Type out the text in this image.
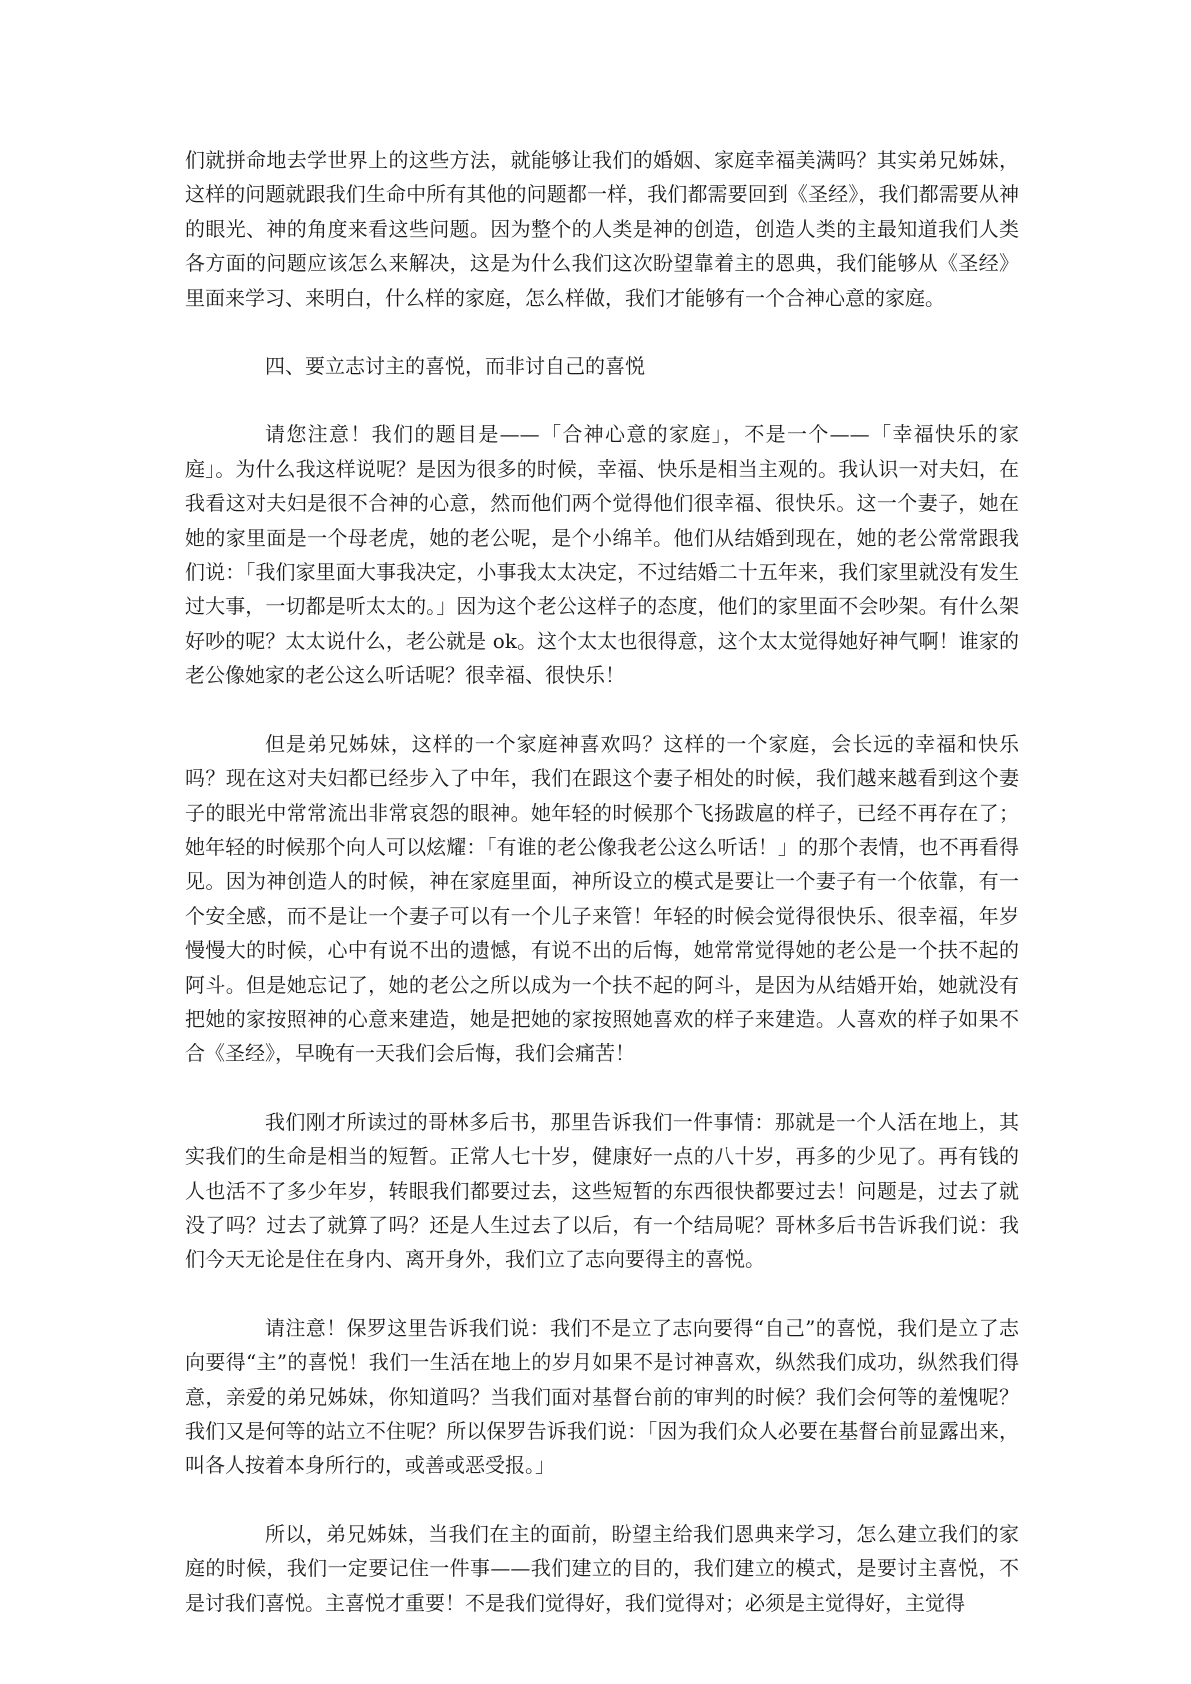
们就拼命地去学世界上的这些方法，就能够让我们的婚姻、家庭幸福美满吗？其实弟兄姊妹，这样的问题就跟我们生命中所有其他的问题都一样，我们都需要回到《圣经》，我们都需要从神的眼光、神的角度来看这些问题。因为整个的人类是神的创造，创造人类的主最知道我们人类各方面的问题应该怎么来解决，这是为什么我们这次盼望靠着主的恩典，我们能够从《圣经》里面来学习、来明白，什么样的家庭，怎么样做，我们才能够有一个合神心意的家庭。

四、要立志讨主的喜悦，而非讨自己的喜悦

请您注意！我们的题目是——「合神心意的家庭」，不是一个——「幸福快乐的家庭」。为什么我这样说呢？是因为很多的时候，幸福、快乐是相当主观的。我认识一对夫妇，在我看这对夫妇是很不合神的心意，然而他们两个觉得他们很幸福、很快乐。这一个妻子，她在她的家里面是一个母老虎，她的老公呢，是个小绵羊。他们从结婚到现在，她的老公常常跟我们说：「我们家里面大事我决定，小事我太太决定，不过结婚二十五年来，我们家里就没有发生过大事，一切都是听太太的。」因为这个老公这样子的态度，他们的家里面不会吵架。有什么架好吵的呢？太太说什么，老公就是 ok。这个太太也很得意，这个太太觉得她好神气啊！谁家的老公像她家的老公这么听话呢？很幸福、很快乐！

但是弟兄姊妹，这样的一个家庭神喜欢吗？这样的一个家庭，会长远的幸福和快乐吗？现在这对夫妇都已经步入了中年，我们在跟这个妻子相处的时候，我们越来越看到这个妻子的眼光中常常流出非常哀怨的眼神。她年轻的时候那个飞扬跋扈的样子，已经不再存在了；她年轻的时候那个向人可以炫耀：「有谁的老公像我老公这么听话！」的那个表情，也不再看得见。因为神创造人的时候，神在家庭里面，神所设立的模式是要让一个妻子有一个依靠，有一个安全感，而不是让一个妻子可以有一个儿子来管！年轻的时候会觉得很快乐、很幸福，年岁慢慢大的时候，心中有说不出的遗憾，有说不出的后悔，她常常觉得她的老公是一个扶不起的阿斗。但是她忘记了，她的老公之所以成为一个扶不起的阿斗，是因为从结婚开始，她就没有把她的家按照神的心意来建造，她是把她的家按照她喜欢的样子来建造。人喜欢的样子如果不合《圣经》，早晚有一天我们会后悔，我们会痛苦！

我们刚才所读过的哥林多后书，那里告诉我们一件事情：那就是一个人活在地上，其实我们的生命是相当的短暂。正常人七十岁，健康好一点的八十岁，再多的少见了。再有钱的人也活不了多少年岁，转眼我们都要过去，这些短暂的东西很快都要过去！问题是，过去了就没了吗？过去了就算了吗？还是人生过去了以后，有一个结局呢？哥林多后书告诉我们说：我们今天无论是住在身内、离开身外，我们立了志向要得主的喜悦。

请注意！保罗这里告诉我们说：我们不是立了志向要得“自己”的喜悦，我们是立了志向要得“主”的喜悦！我们一生活在地上的岁月如果不是讨神喜欢，纵然我们成功，纵然我们得意，亲爱的弟兄姊妹，你知道吗？当我们面对基督台前的审判的时候？我们会何等的羞愧呢？我们又是何等的站立不住呢？所以保罗告诉我们说：「因为我们众人必要在基督台前显露出来，叫各人按着本身所行的，或善或恶受报。」

所以，弟兄姊妹，当我们在主的面前，盼望主给我们恩典来学习，怎么建立我们的家庭的时候，我们一定要记住一件事——我们建立的目的，我们建立的模式，是要讨主喜悦，不是讨我们喜悦。主喜悦才重要！不是我们觉得好，我们觉得对；必须是主觉得好，主觉得
